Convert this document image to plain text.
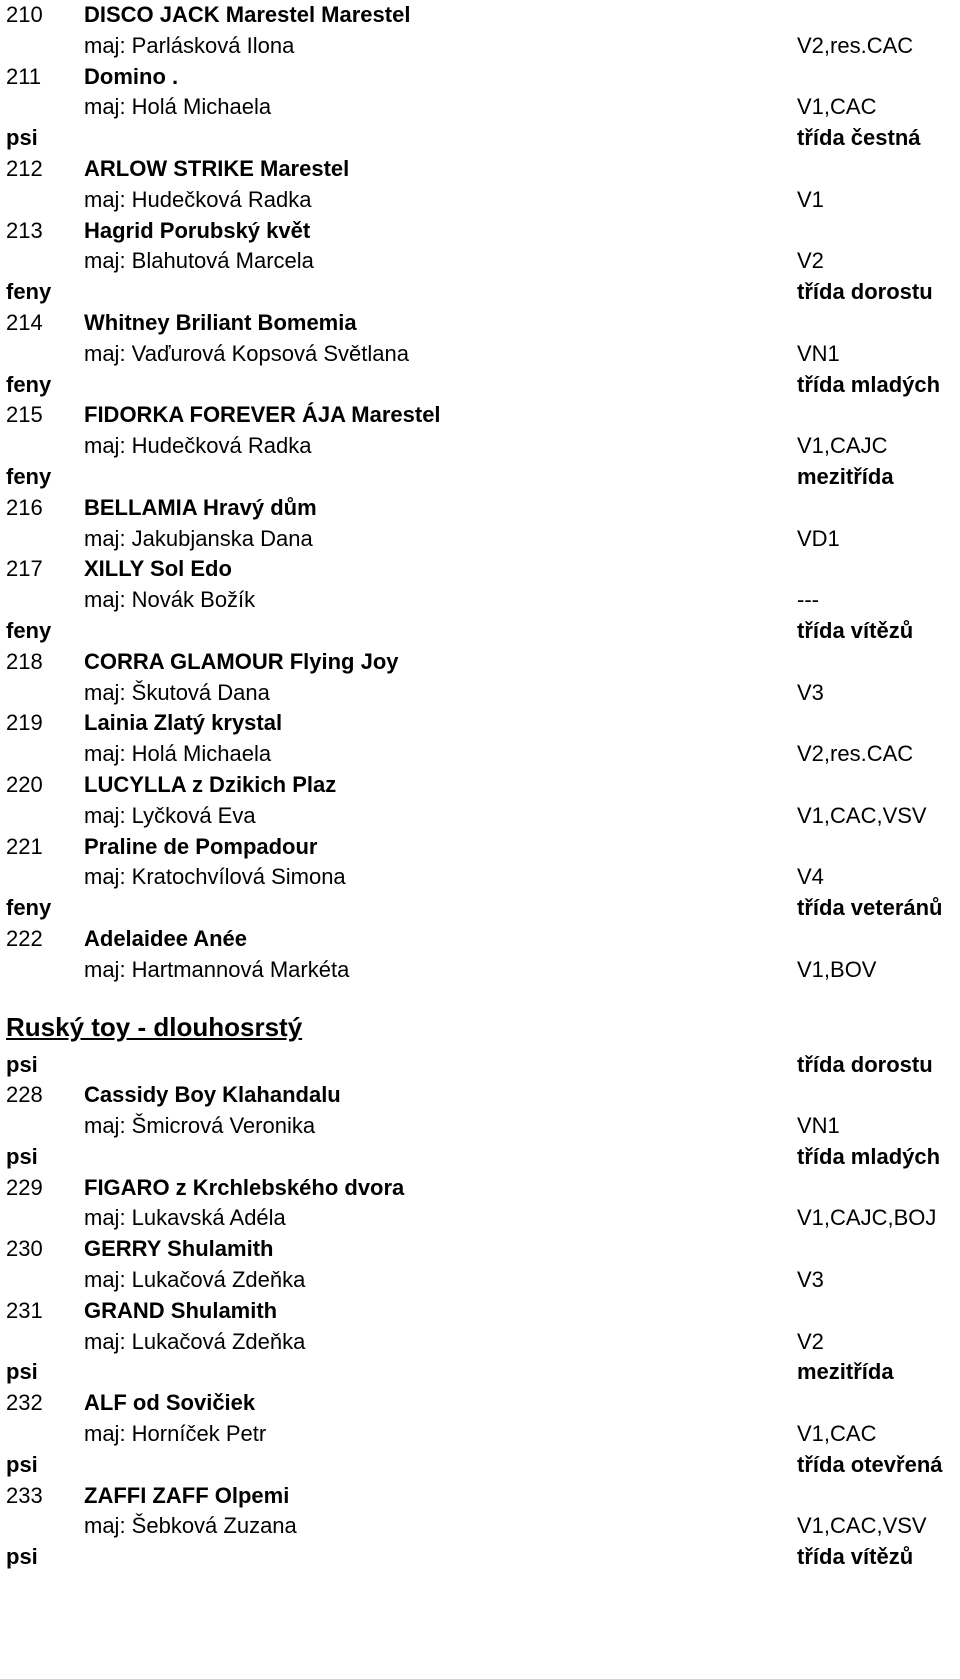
210 DISCO JACK Marestel Marestel
maj: Parlásková Ilona	V2,res.CAC
211 Domino .
maj: Holá Michaela	V1,CAC
psi	třída čestná
212 ARLOW STRIKE Marestel
maj: Hudečková Radka	V1
213 Hagrid Porubský květ
maj: Blahutová Marcela	V2
feny	třída dorostu
214 Whitney Briliant Bomemia
maj: Vaďurová Kopsová Světlana	VN1
feny	třída mladých
215 FIDORKA FOREVER ÁJA Marestel
maj: Hudečková Radka	V1,CAJC
feny	mezitřída
216 BELLAMIA Hravý dům
maj: Jakubjanska Dana	VD1
217 XILLY Sol Edo
maj: Novák Božík	---
feny	třída vítězů
218 CORRA GLAMOUR Flying Joy
maj: Škutová Dana	V3
219 Lainia Zlatý krystal
maj: Holá Michaela	V2,res.CAC
220 LUCYLLA z Dzikich Plaz
maj: Lyčková Eva	V1,CAC,VSV
221 Praline de Pompadour
maj: Kratochvílová Simona	V4
feny	třída veteránů
222 Adelaidee Anée
maj: Hartmannová Markéta	V1,BOV
Ruský toy - dlouhosrstý
psi	třída dorostu
228 Cassidy Boy Klahandalu
maj: Šmicrová Veronika	VN1
psi	třída mladých
229 FIGARO z Krchlebského dvora
maj: Lukavská Adéla	V1,CAJC,BOJ
230 GERRY Shulamith
maj: Lukačová Zdeňka	V3
231 GRAND Shulamith
maj: Lukačová Zdeňka	V2
psi	mezitřída
232 ALF od Sovičiek
maj: Horníček Petr	V1,CAC
psi	třída otevřená
233 ZAFFI ZAFF Olpemi
maj: Šebková Zuzana	V1,CAC,VSV
psi	třída vítězů
